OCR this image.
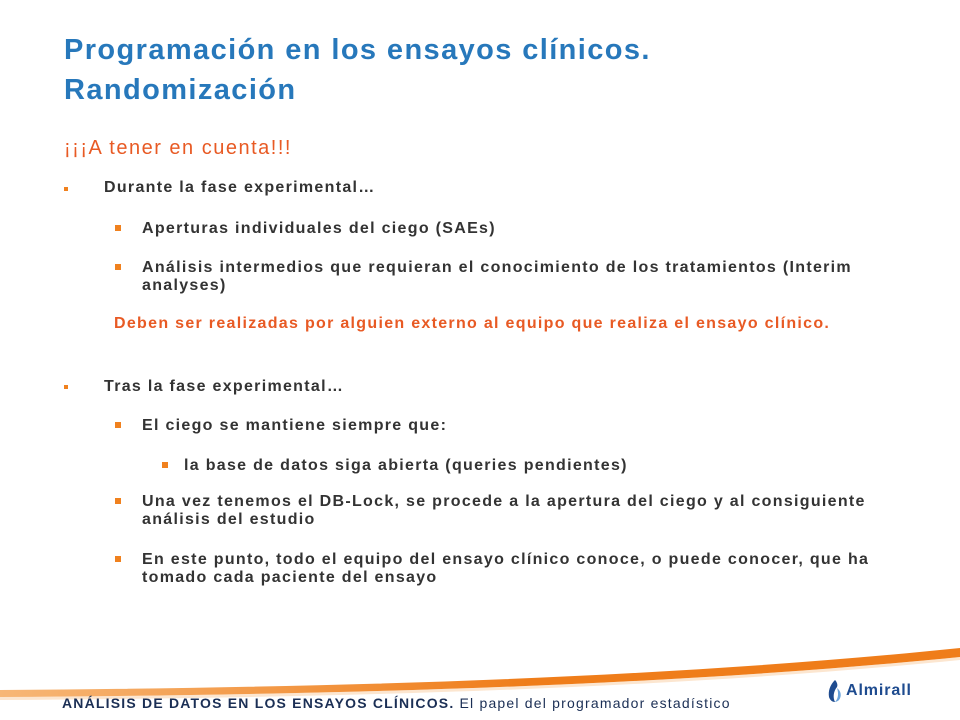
Programación en los ensayos clínicos.
Randomización
¡¡¡A tener en cuenta!!!
Durante la fase experimental…
Aperturas individuales del ciego (SAEs)
Análisis intermedios que requieran el conocimiento de los tratamientos (Interim analyses)
Deben ser realizadas por alguien externo al equipo que realiza el ensayo clínico.
Tras la fase experimental…
El ciego se mantiene siempre que:
la base de datos siga abierta (queries pendientes)
Una vez tenemos el DB-Lock, se procede a la apertura del ciego y al consiguiente análisis del estudio
En este punto, todo el equipo del ensayo clínico conoce, o puede conocer, que ha tomado cada paciente del ensayo
ANÁLISIS DE DATOS EN LOS ENSAYOS CLÍNICOS. El papel del programador estadístico
Almirall
